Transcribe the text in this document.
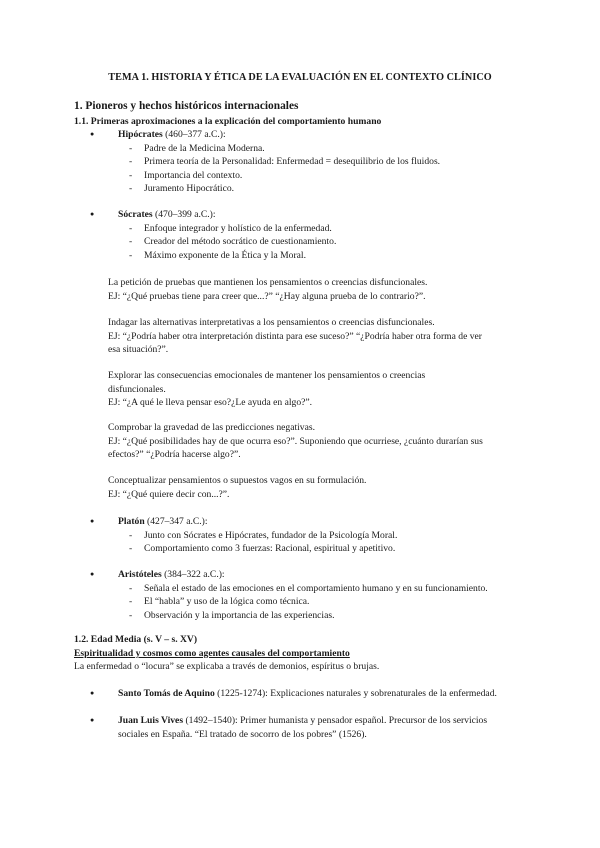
TEMA 1. HISTORIA Y ÉTICA DE LA EVALUACIÓN EN EL CONTEXTO CLÍNICO
1. Pioneros y hechos históricos internacionales
1.1. Primeras aproximaciones a la explicación del comportamiento humano
● Hipócrates (460–377 a.C.):
- Padre de la Medicina Moderna.
- Primera teoría de la Personalidad: Enfermedad = desequilibrio de los fluidos.
- Importancia del contexto.
- Juramento Hipocrático.
● Sócrates (470–399 a.C.):
- Enfoque integrador y holístico de la enfermedad.
- Creador del método socrático de cuestionamiento.
- Máximo exponente de la Ética y la Moral.
La petición de pruebas que mantienen los pensamientos o creencias disfuncionales.
EJ: “¿Qué pruebas tiene para creer que...?” “¿Hay alguna prueba de lo contrario?”.
Indagar las alternativas interpretativas a los pensamientos o creencias disfuncionales.
EJ: “¿Podría haber otra interpretación distinta para ese suceso?” “¿Podría haber otra forma de ver
esa situación?”.
Explorar las consecuencias emocionales de mantener los pensamientos o creencias
disfuncionales.
EJ: “¿A qué le lleva pensar eso?¿Le ayuda en algo?”.
Comprobar la gravedad de las predicciones negativas.
EJ: “¿Qué posibilidades hay de que ocurra eso?”. Suponiendo que ocurriese, ¿cuánto durarían sus
efectos?” “¿Podría hacerse algo?”.
Conceptualizar pensamientos o supuestos vagos en su formulación.
EJ: “¿Qué quiere decir con...?”.
● Platón (427–347 a.C.):
- Junto con Sócrates e Hipócrates, fundador de la Psicología Moral.
- Comportamiento como 3 fuerzas: Racional, espiritual y apetitivo.
● Aristóteles (384–322 a.C.):
- Señala el estado de las emociones en el comportamiento humano y en su funcionamiento.
- El “habla” y uso de la lógica como técnica.
- Observación y la importancia de las experiencias.
1.2. Edad Media (s. V – s. XV)
Espiritualidad y cosmos como agentes causales del comportamiento
La enfermedad o “locura” se explicaba a través de demonios, espíritus o brujas.
● Santo Tomás de Aquino (1225-1274): Explicaciones naturales y sobrenaturales de la enfermedad.
● Juan Luis Vives (1492–1540): Primer humanista y pensador español. Precursor de los servicios
sociales en España. “El tratado de socorro de los pobres” (1526).
